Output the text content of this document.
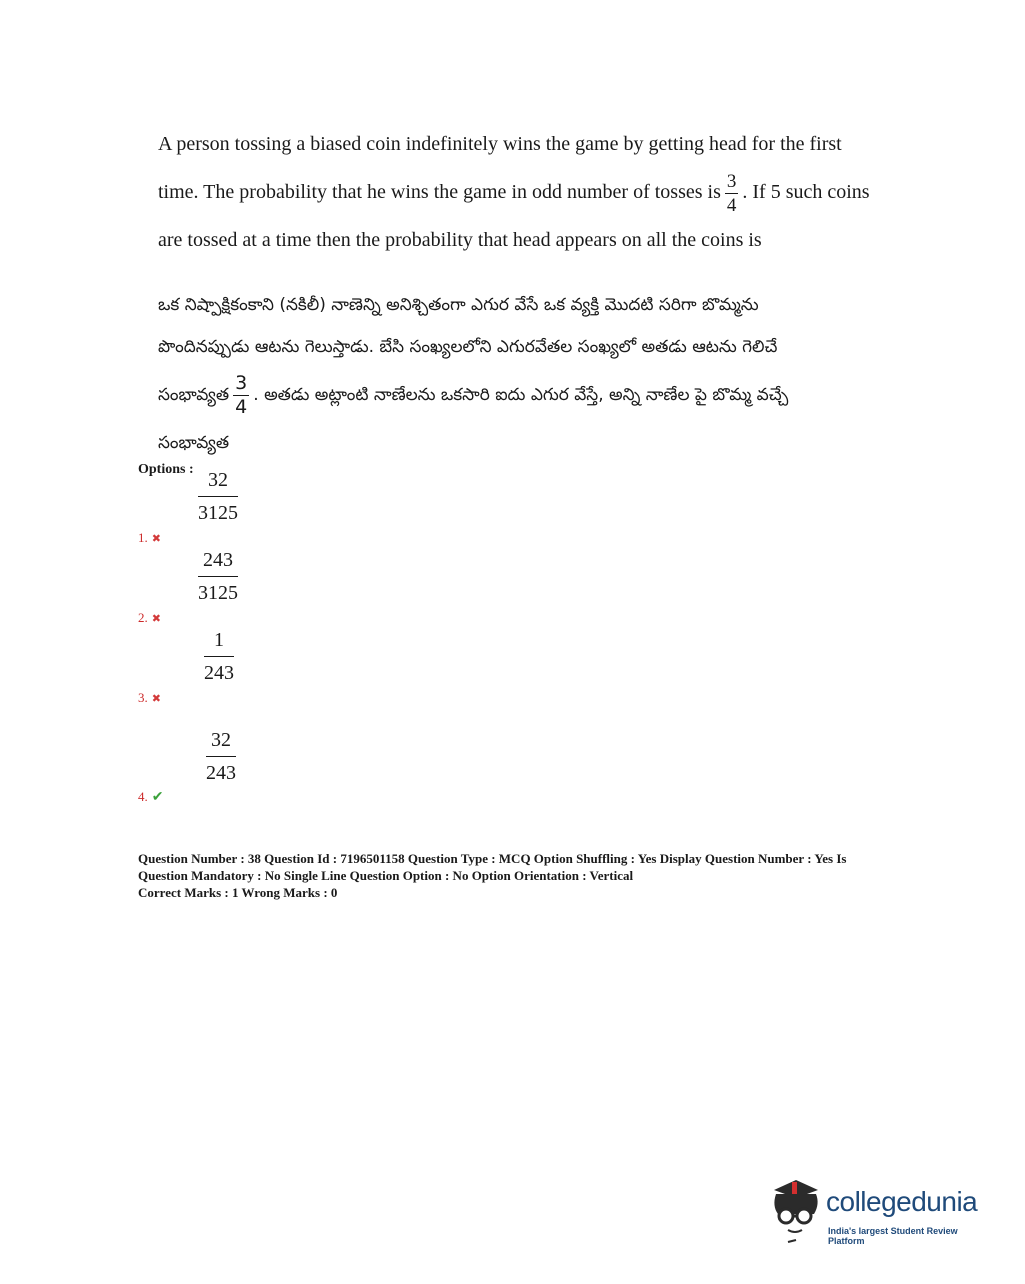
A person tossing a biased coin indefinitely wins the game by getting head for the first
time. The probability that he wins the game in odd number of tosses is $\frac{3}{4}$ . If 5 such coins
are tossed at a time then the probability that head appears on all the coins is
ఒక నిష్పాక్షికంకాని (నకిలీ) నాణెన్ని అనిశ్చితంగా ఎగుర వేసే ఒక వ్యక్తి మొదటి సరిగా బొమ్మను
పొందినప్పుడు ఆటను గెలుస్తాడు. బేసి సంఖ్యలలోని ఎగురవేతల సంఖ్యలో అతడు ఆటను గెలిచే
సంభావ్యత $\frac{3}{4}$ . అతడు అట్లాంటి నాణేలను ఒకసారి ఐదు ఎగుర వేస్తే, అన్ని నాణేల పై బొమ్మ వచ్చే
సంభావ్యత
Options : $\frac{32}{3125}$
1. ✖
$\frac{243}{3125}$
2. ✖
$\frac{1}{243}$
3. ✖
$\frac{32}{243}$
4. ✔
Question Number : 38 Question Id : 7196501158 Question Type : MCQ Option Shuffling : Yes Display Question Number : Yes Is
Question Mandatory : No Single Line Question Option : No Option Orientation : Vertical
Correct Marks : 1 Wrong Marks : 0
collegedunia
India's largest Student Review Platform
